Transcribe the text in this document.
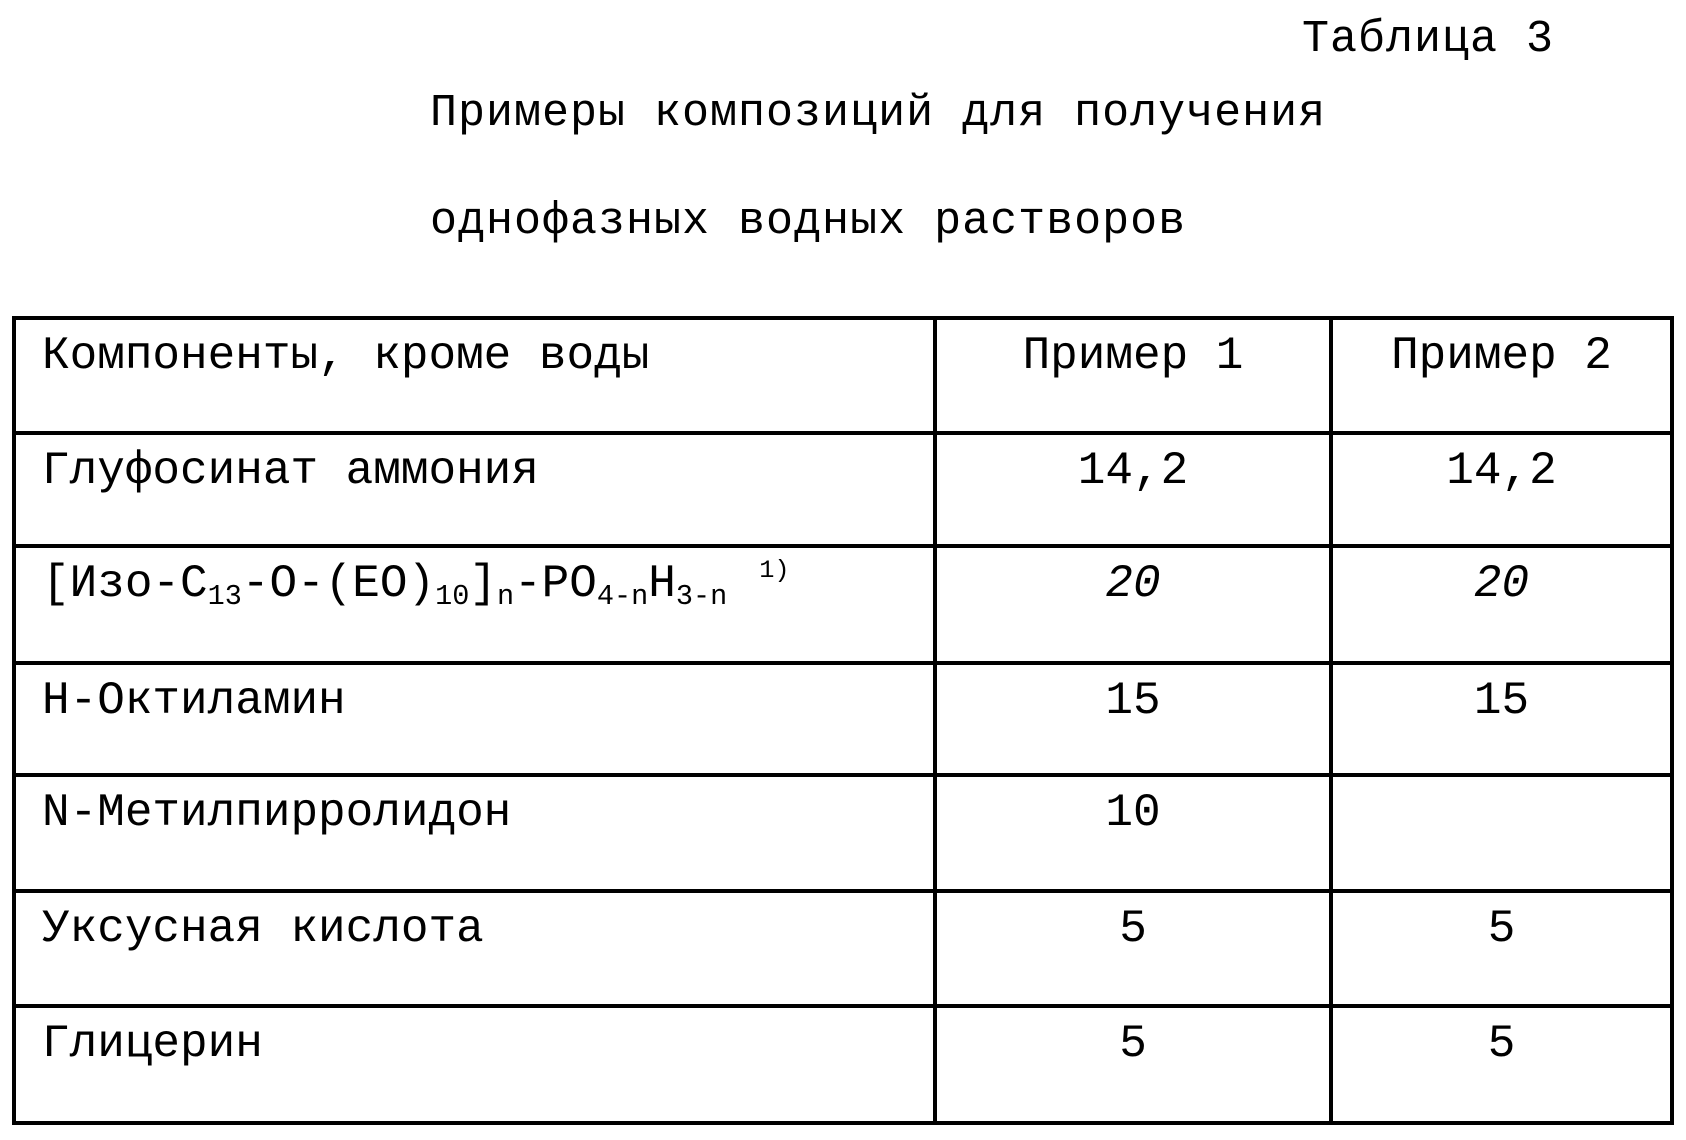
Таблица 3
Примеры композиций для получения
однофазных водных растворов
Компоненты, кроме воды	Пример 1	Пример 2
Глуфосинат аммония	14,2	14,2
$[Изо-C_{13}-O-(EO)_{10}]_n-PO_{4-n}H_{3-n}^{1)}$	20	20
Н-Октиламин	15	15
N-Метилпирролидон	10	
Уксусная кислота	5	5
Глицерин	5	5
